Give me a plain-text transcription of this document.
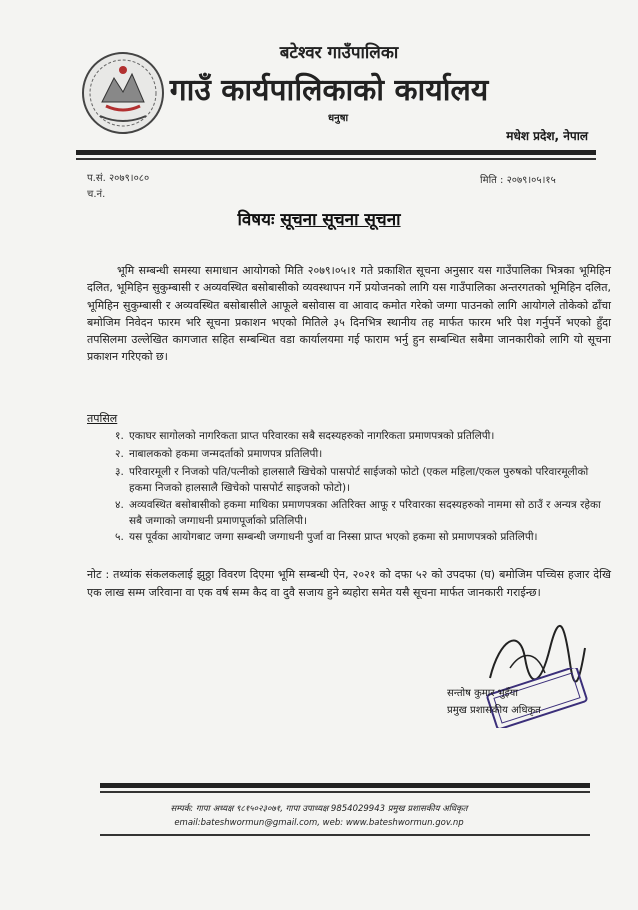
बटेश्वर गाउँपालिका
गाउँ कार्यपालिकाको कार्यालय
धनुषा
मधेश प्रदेश, नेपाल
प.सं. २०७९।०८०
च.नं.
मिति : २०७९।०५।१५
विषयः सूचना सूचना सूचना
भूमि सम्बन्धी समस्या समाधान आयोगको मिति २०७९।०५।१ गते प्रकाशित सूचना अनुसार यस गाउँपालिका भित्रका भूमिहिन दलित, भूमिहिन सुकुम्बासी र अव्यवस्थित बसोबासीको व्यवस्थापन गर्ने प्रयोजनको लागि यस गाउँपालिका अन्तरगतको भूमिहिन दलित, भूमिहिन सुकुम्बासी र अव्यवस्थित बसोबासीले आफूले बसोवास वा आवाद कमोत गरेको जग्गा पाउनको लागि आयोगले तोकेको ढाँचा बमोजिम निवेदन फारम भरि सूचना प्रकाशन भएको मितिले ३५ दिनभित्र स्थानीय तह मार्फत फारम भरि पेश गर्नुपर्ने भएको हुँदा तपसिलमा उल्लेखित कागजात सहित सम्बन्धित वडा कार्यालयमा गई फाराम भर्नु हुन सम्बन्धित सबैमा जानकारीको लागि यो सूचना प्रकाशन गरिएको छ।
तपसिल
१. एकाघर सागोलको नागरिकता प्राप्त परिवारका सबै सदस्यहरुको नागरिकता प्रमाणपत्रको प्रतिलिपी।
२. नाबालकको हकमा जन्मदर्ताको प्रमाणपत्र प्रतिलिपी।
३. परिवारमूली र निजको पति/पत्नीको हालसालै खिचेको पासपोर्ट साईजको फोटो (एकल महिला/एकल पुरुषको परिवारमूलीको हकमा निजको हालसालै खिचेको पासपोर्ट साइजको फोटो)।
४. अव्यवस्थित बसोबासीको हकमा माथिका प्रमाणपत्रका अतिरिक्त आफू र परिवारका सदस्यहरुको नाममा सो ठाउँ र अन्यत्र रहेका सबै जग्गाको जग्गाधनी प्रमाणपूर्जाको प्रतिलिपी।
५. यस पूर्वका आयोगबाट जग्गा सम्बन्धी जग्गाधनी पुर्जा वा निस्सा प्राप्त भएको हकमा सो प्रमाणपत्रको प्रतिलिपी।
नोट : तथ्यांक संकलकलाई झुठ्ठा विवरण दिएमा भूमि सम्बन्धी ऐन, २०२१ को दफा ५२ को उपदफा (घ) बमोजिम पच्चिस हजार देखि एक लाख सम्म जरिवाना वा एक वर्ष सम्म कैद वा दुवै सजाय हुने ब्यहोरा समेत यसै सूचना मार्फत जानकारी गराईन्छ।
सन्तोष कुमार भुइँया
प्रमुख प्रशासकीय अधिकृत
सम्पर्क: गापा अध्यक्ष ९८१५०२३०७१, गापा उपाध्यक्ष 9854029943 प्रमुख प्रशासकीय अधिकृत
email:bateshwormun@gmail.com, web: www.bateshwormun.gov.np
